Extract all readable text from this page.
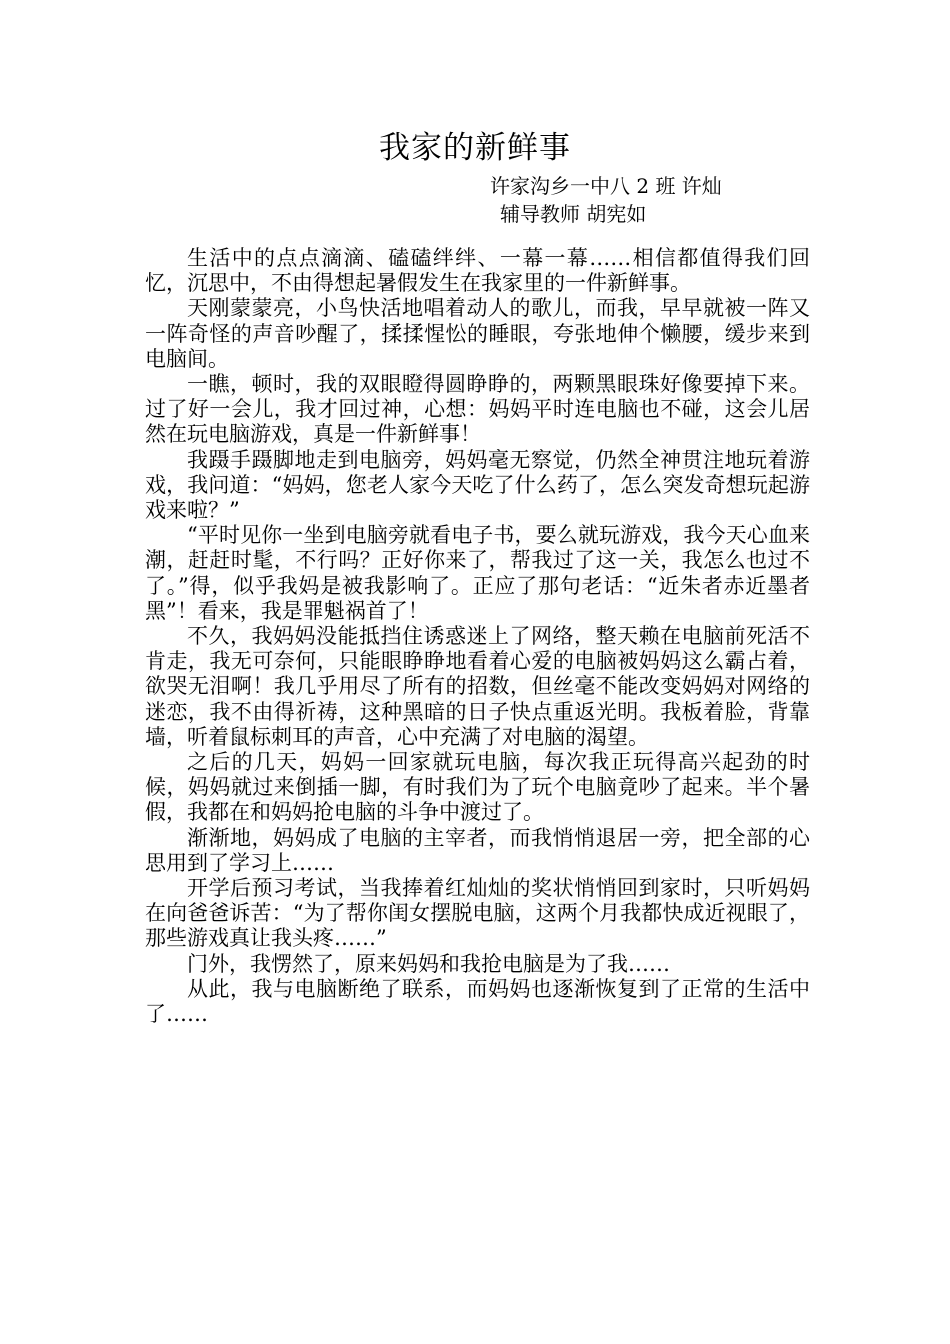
我家的新鲜事
许家沟乡一中八 2 班 许灿
辅导教师 胡宪如

生活中的点点滴滴、磕磕绊绊、一幕一幕……相信都值得我们回忆，沉思中，不由得想起暑假发生在我家里的一件新鲜事。

天刚蒙蒙亮，小鸟快活地唱着动人的歌儿，而我，早早就被一阵又一阵奇怪的声音吵醒了，揉揉惺忪的睡眼，夸张地伸个懒腰，缓步来到电脑间。

一瞧，顿时，我的双眼瞪得圆睁睁的，两颗黑眼珠好像要掉下来。过了好一会儿，我才回过神，心想：妈妈平时连电脑也不碰，这会儿居然在玩电脑游戏，真是一件新鲜事！

我蹑手蹑脚地走到电脑旁，妈妈毫无察觉，仍然全神贯注地玩着游戏，我问道：“妈妈，您老人家今天吃了什么药了，怎么突发奇想玩起游戏来啦？”

“平时见你一坐到电脑旁就看电子书，要么就玩游戏，我今天心血来潮，赶赶时髦，不行吗？正好你来了，帮我过了这一关，我怎么也过不了。”得，似乎我妈是被我影响了。正应了那句老话：“近朱者赤近墨者黑”！看来，我是罪魁祸首了！

不久，我妈妈没能抵挡住诱惑迷上了网络，整天赖在电脑前死活不肯走，我无可奈何，只能眼睁睁地看着心爱的电脑被妈妈这么霸占着，欲哭无泪啊！我几乎用尽了所有的招数，但丝毫不能改变妈妈对网络的迷恋，我不由得祈祷，这种黑暗的日子快点重返光明。我板着脸，背靠墙，听着鼠标刺耳的声音，心中充满了对电脑的渴望。

之后的几天，妈妈一回家就玩电脑，每次我正玩得高兴起劲的时候，妈妈就过来倒插一脚，有时我们为了玩个电脑竟吵了起来。半个暑假，我都在和妈妈抢电脑的斗争中渡过了。

渐渐地，妈妈成了电脑的主宰者，而我悄悄退居一旁，把全部的心思用到了学习上……

开学后预习考试，当我捧着红灿灿的奖状悄悄回到家时，只听妈妈在向爸爸诉苦：“为了帮你闺女摆脱电脑，这两个月我都快成近视眼了，那些游戏真让我头疼……”

门外，我愣然了，原来妈妈和我抢电脑是为了我……

从此，我与电脑断绝了联系，而妈妈也逐渐恢复到了正常的生活中了……
